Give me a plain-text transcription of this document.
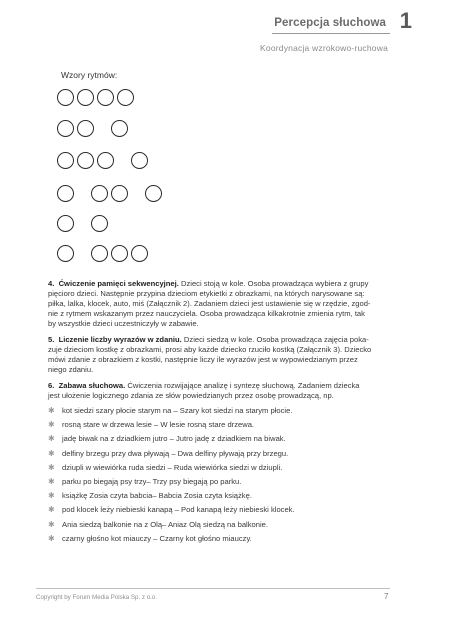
Percepcja słuchowa 1
Koordynacja wzrokowo-ruchowa
Wzory rytmów:
4. Ćwiczenie pamięci sekwencyjnej. Dzieci stoją w kole. Osoba prowadząca wybiera z grupy
pięcioro dzieci. Następnie przypina dzieciom etykietki z obrazkami, na których narysowane są:
piłka, lalka, klocek, auto, miś (Załącznik 2). Zadaniem dzieci jest ustawienie się w rzędzie, zgod-
nie z rytmem wskazanym przez nauczyciela. Osoba prowadząca kilkakrotnie zmienia rytm, tak
by wszystkie dzieci uczestniczyły w zabawie.
5. Liczenie liczby wyrazów w zdaniu. Dzieci siedzą w kole. Osoba prowadząca zajęcia poka-
zuje dzieciom kostkę z obrazkami, prosi aby każde dziecko rzuciło kostką (Załącznik 3). Dziecko
mówi zdanie z obrazkiem z kostki, następnie liczy ile wyrazów jest w wypowiedzianym przez
niego zdaniu.
6. Zabawa słuchowa. Ćwiczenia rozwijające analizę i syntezę słuchową. Zadaniem dziecka
jest ułożenie logicznego zdania ze słów powiedzianych przez osobę prowadzącą, np.
✱ kot siedzi szary płocie starym na – Szary kot siedzi na starym płocie.
✱ rosną stare w drzewa lesie – W lesie rosną stare drzewa.
✱ jadę biwak na z dziadkiem jutro – Jutro jadę z dziadkiem na biwak.
✱ delfiny brzegu przy dwa pływają – Dwa delfiny pływają przy brzegu.
✱ dziupli w wiewiórka ruda siedzi – Ruda wiewiórka siedzi w dziupli.
✱ parku po biegają psy trzy– Trzy psy biegają po parku.
✱ książkę Zosia czyta babcia– Babcia Zosia czyta książkę.
✱ pod klocek leży niebieski kanapą – Pod kanapą leży niebieski klocek.
✱ Ania siedzą balkonie na z Olą– Aniaz Olą siedzą na balkonie.
✱ czarny głośno kot miauczy – Czarny kot głośno miauczy.
Copyright by Forum Media Polska Sp. z o.o.	7
